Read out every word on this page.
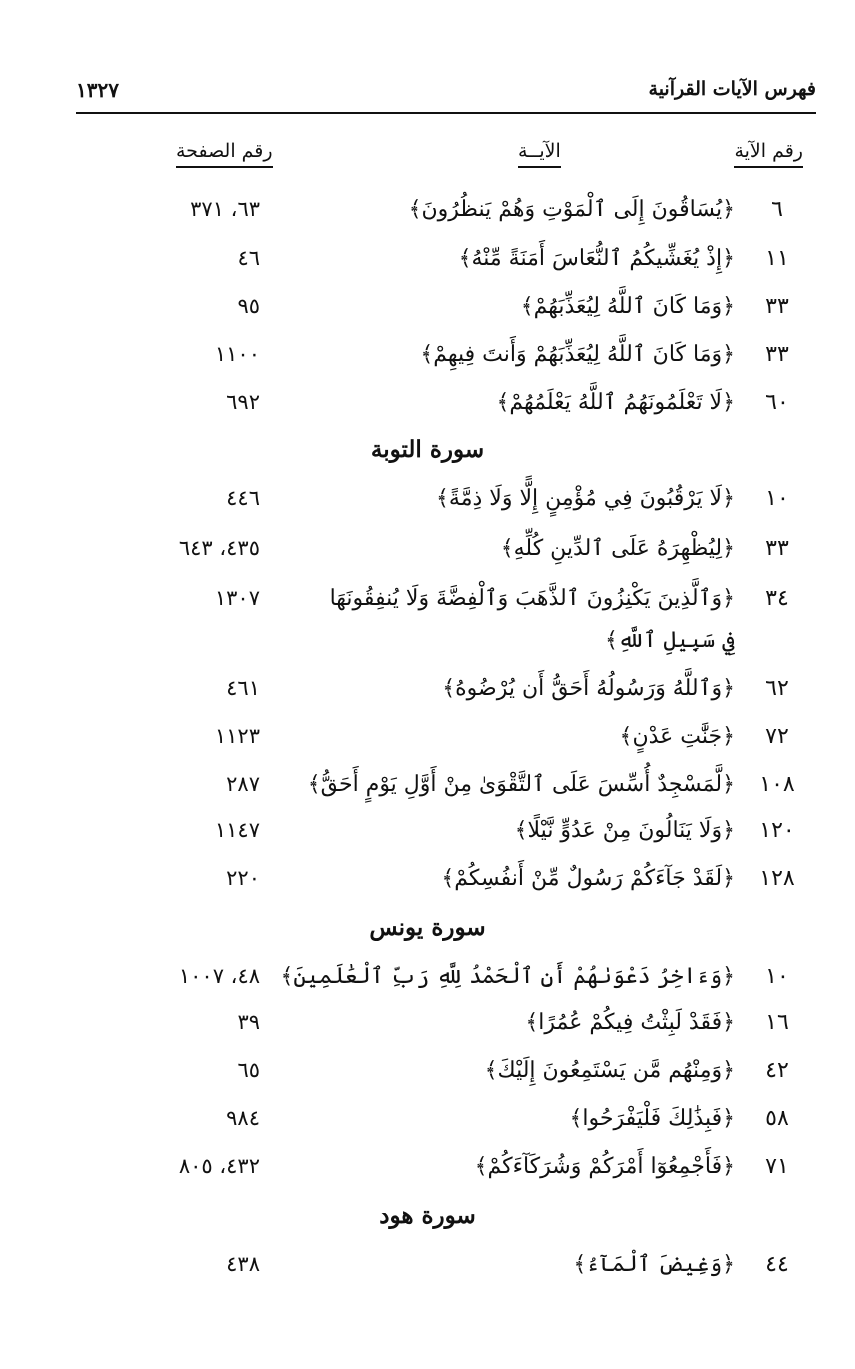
فهرس الآيات القرآنية
١٣٢٧
رقم الآية
الآيــة
رقم الصفحة
٦
﴿يُسَاقُونَ إِلَى ٱلْمَوْتِ وَهُمْ يَنظُرُونَ﴾
٦٣، ٣٧١
١١
﴿إِذْ يُغَشِّيكُمُ ٱلنُّعَاسَ أَمَنَةً مِّنْهُ﴾
٤٦
٣٣
﴿وَمَا كَانَ ٱللَّهُ لِيُعَذِّبَهُمْ﴾
٩٥
٣٣
﴿وَمَا كَانَ ٱللَّهُ لِيُعَذِّبَهُمْ وَأَنتَ فِيهِمْ﴾
١١٠٠
٦٠
﴿لَا تَعْلَمُونَهُمُ ٱللَّهُ يَعْلَمُهُمْ﴾
٦٩٢
سورة التوبة
١٠
﴿لَا يَرْقُبُونَ فِي مُؤْمِنٍ إِلًّا وَلَا ذِمَّةً﴾
٤٤٦
٣٣
﴿لِيُظْهِرَهُ عَلَى ٱلدِّينِ كُلِّهِ﴾
٤٣٥، ٦٤٣
٣٤
﴿وَٱلَّذِينَ يَكْنِزُونَ ٱلذَّهَبَ وَٱلْفِضَّةَ وَلَا يُنفِقُونَهَا
١٣٠٧
فِي سَبِيلِ ٱللَّهِ﴾
٦٢
﴿وَٱللَّهُ وَرَسُولُهُ أَحَقُّ أَن يُرْضُوهُ﴾
٤٦١
٧٢
﴿جَنَّٰتِ عَدْنٍ﴾
١١٢٣
١٠٨
﴿لَّمَسْجِدٌ أُسِّسَ عَلَى ٱلتَّقْوَىٰ مِنْ أَوَّلِ يَوْمٍ أَحَقُّ﴾
٢٨٧
١٢٠
﴿وَلَا يَنَالُونَ مِنْ عَدُوٍّ نَّيْلًا﴾
١١٤٧
١٢٨
﴿لَقَدْ جَآءَكُمْ رَسُولٌ مِّنْ أَنفُسِكُمْ﴾
٢٢٠
سورة يونس
١٠
﴿وَءَاخِرُ دَعْوَىٰهُمْ أَنِ ٱلْحَمْدُ لِلَّهِ رَبِّ ٱلْعَٰلَمِينَ﴾
٤٨، ١٠٠٧
١٦
﴿فَقَدْ لَبِثْتُ فِيكُمْ عُمُرًا﴾
٣٩
٤٢
﴿وَمِنْهُم مَّن يَسْتَمِعُونَ إِلَيْكَ﴾
٦٥
٥٨
﴿فَبِذَٰلِكَ فَلْيَفْرَحُوا﴾
٩٨٤
٧١
﴿فَأَجْمِعُوٓا أَمْرَكُمْ وَشُرَكَآءَكُمْ﴾
٤٣٢، ٨٠٥
سورة هود
٤٤
﴿وَغِيضَ ٱلْمَآءُ﴾
٤٣٨
